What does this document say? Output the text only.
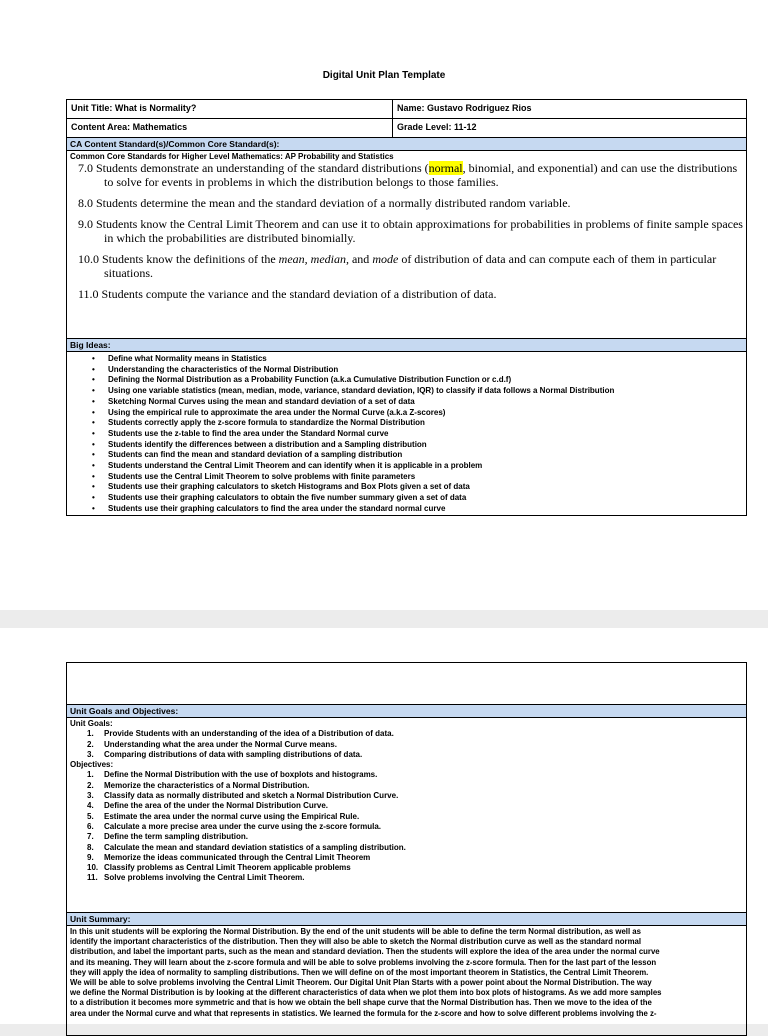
Digital Unit Plan Template
Unit Title: What is Normality?	Name: Gustavo Rodriguez Rios
Content Area: Mathematics	Grade Level: 11-12
CA Content Standard(s)/Common Core Standard(s):

Common Core Standards for Higher Level Mathematics: AP Probability and Statistics
7.0 Students demonstrate an understanding of the standard distributions (normal, binomial, and exponential) and can use the distributions to solve for events in problems in which the distribution belongs to those families.
8.0 Students determine the mean and the standard deviation of a normally distributed random variable.
9.0 Students know the Central Limit Theorem and can use it to obtain approximations for probabilities in problems of finite sample spaces in which the probabilities are distributed binomially.
10.0 Students know the definitions of the mean, median, and mode of distribution of data and can compute each of them in particular situations.
11.0 Students compute the variance and the standard deviation of a distribution of data.

Big Ideas:

• Define what Normality means in Statistics
• Understanding the characteristics of the Normal Distribution
• Defining the Normal Distribution as a Probability Function (a.k.a Cumulative Distribution Function or c.d.f)
• Using one variable statistics (mean, median, mode, variance, standard deviation, IQR) to classify if data follows a Normal Distribution
• Sketching Normal Curves using the mean and standard deviation of a set of data
• Using the empirical rule to approximate the area under the Normal Curve (a.k.a Z-scores)
• Students correctly apply the z-score formula to standardize the Normal Distribution
• Students use the z-table to find the area under the Standard Normal curve
• Students identify the differences between a distribution and a Sampling distribution
• Students can find the mean and standard deviation of a sampling distribution
• Students understand the Central Limit Theorem and can identify when it is applicable in a problem
• Students use the Central Limit Theorem to solve problems with finite parameters
• Students use their graphing calculators to sketch Histograms and Box Plots given a set of data
• Students use their graphing calculators to obtain the five number summary given a set of data
• Students use their graphing calculators to find the area under the standard normal curve

Unit Goals and Objectives:

Unit Goals:
1. Provide Students with an understanding of the idea of a Distribution of data.
2. Understanding what the area under the Normal Curve means.
3. Comparing distributions of data with sampling distributions of data.
Objectives:
1. Define the Normal Distribution with the use of boxplots and histograms.
2. Memorize the characteristics of a Normal Distribution.
3. Classify data as normally distributed and sketch a Normal Distribution Curve.
4. Define the area of the under the Normal Distribution Curve.
5. Estimate the area under the normal curve using the Empirical Rule.
6. Calculate a more precise area under the curve using the z-score formula.
7. Define the term sampling distribution.
8. Calculate the mean and standard deviation statistics of a sampling distribution.
9. Memorize the ideas communicated through the Central Limit Theorem
10. Classify problems as Central Limit Theorem applicable problems
11. Solve problems involving the Central Limit Theorem.

Unit Summary:

In this unit students will be exploring the Normal Distribution. By the end of the unit students will be able to define the term Normal distribution, as well as
identify the important characteristics of the distribution. Then they will also be able to sketch the Normal distribution curve as well as the standard normal
distribution, and label the important parts, such as the mean and standard deviation. Then the students will explore the idea of the area under the normal curve
and its meaning. They will learn about the z-score formula and will be able to solve problems involving the z-score formula. Then for the last part of the lesson
they will apply the idea of normality to sampling distributions. Then we will define on of the most important theorem in Statistics, the Central Limit Theorem.
We will be able to solve problems involving the Central Limit Theorem. Our Digital Unit Plan Starts with a power point about the Normal Distribution. The way
we define the Normal Distribution is by looking at the different characteristics of data when we plot them into box plots of histograms. As we add more samples
to a distribution it becomes more symmetric and that is how we obtain the bell shape curve that the Normal Distribution has. Then we move to the idea of the
area under the Normal curve and what that represents in statistics. We learned the formula for the z-score and how to solve different problems involving the z-
